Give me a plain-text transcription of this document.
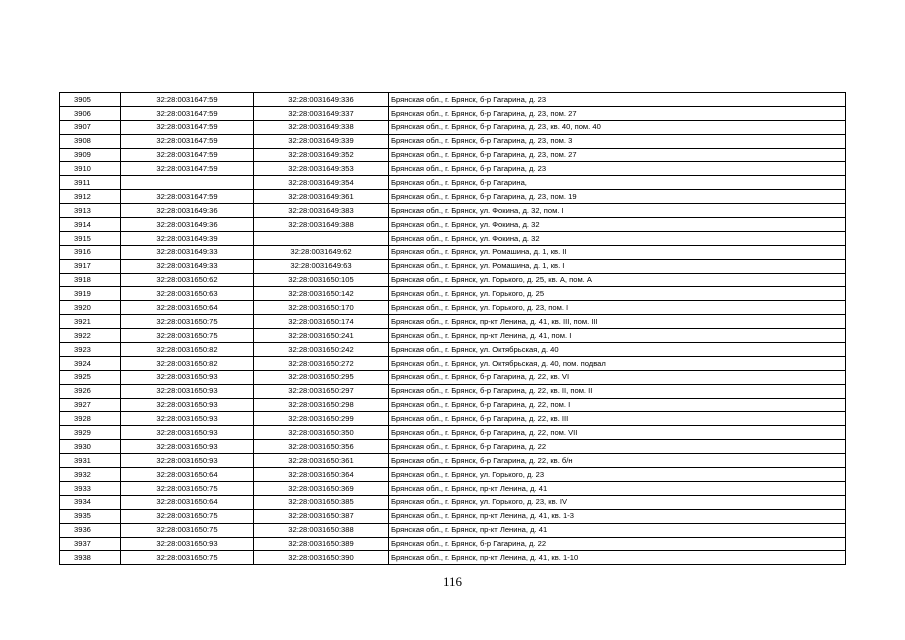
3905	32:28:0031647:59	32:28:0031649:336	Брянская обл., г. Брянск, б-р Гагарина, д. 23
3906	32:28:0031647:59	32:28:0031649:337	Брянская обл., г. Брянск, б-р Гагарина, д. 23, пом. 27
3907	32:28:0031647:59	32:28:0031649:338	Брянская обл., г. Брянск, б-р Гагарина, д. 23, кв. 40, пом. 40
3908	32:28:0031647:59	32:28:0031649:339	Брянская обл., г. Брянск, б-р Гагарина, д. 23, пом. 3
3909	32:28:0031647:59	32:28:0031649:352	Брянская обл., г. Брянск, б-р Гагарина, д. 23, пом. 27
3910	32:28:0031647:59	32:28:0031649:353	Брянская обл., г. Брянск, б-р Гагарина, д. 23
3911		32:28:0031649:354	Брянская обл., г. Брянск, б-р Гагарина,
3912	32:28:0031647:59	32:28:0031649:361	Брянская обл., г. Брянск, б-р Гагарина, д. 23, пом. 19
3913	32:28:0031649:36	32:28:0031649:383	Брянская обл., г. Брянск, ул. Фокина, д. 32, пом. I
3914	32:28:0031649:36	32:28:0031649:388	Брянская обл., г. Брянск, ул. Фокина, д. 32
3915	32:28:0031649:39		Брянская обл., г. Брянск, ул. Фокина, д. 32
3916	32:28:0031649:33	32:28:0031649:62	Брянская обл., г. Брянск, ул. Ромашина, д. 1, кв. II
3917	32:28:0031649:33	32:28:0031649:63	Брянская обл., г. Брянск, ул. Ромашина, д. 1, кв. I
3918	32:28:0031650:62	32:28:0031650:105	Брянская обл., г. Брянск, ул. Горького, д. 25, кв. А, пом. А
3919	32:28:0031650:63	32:28:0031650:142	Брянская обл., г. Брянск, ул. Горького, д. 25
3920	32:28:0031650:64	32:28:0031650:170	Брянская обл., г. Брянск, ул. Горького, д. 23, пом. I
3921	32:28:0031650:75	32:28:0031650:174	Брянская обл., г. Брянск, пр-кт Ленина, д. 41, кв. III, пом. III
3922	32:28:0031650:75	32:28:0031650:241	Брянская обл., г. Брянск, пр-кт Ленина, д. 41, пом. I
3923	32:28:0031650:82	32:28:0031650:242	Брянская обл., г. Брянск, ул. Октябрьская, д. 40
3924	32:28:0031650:82	32:28:0031650:272	Брянская обл., г. Брянск, ул. Октябрьская, д. 40, пом. подвал
3925	32:28:0031650:93	32:28:0031650:295	Брянская обл., г. Брянск, б-р Гагарина, д. 22, кв. VI
3926	32:28:0031650:93	32:28:0031650:297	Брянская обл., г. Брянск, б-р Гагарина, д. 22, кв. II, пом. II
3927	32:28:0031650:93	32:28:0031650:298	Брянская обл., г. Брянск, б-р Гагарина, д. 22, пом. I
3928	32:28:0031650:93	32:28:0031650:299	Брянская обл., г. Брянск, б-р Гагарина, д. 22, кв. III
3929	32:28:0031650:93	32:28:0031650:350	Брянская обл., г. Брянск, б-р Гагарина, д. 22, пом. VII
3930	32:28:0031650:93	32:28:0031650:356	Брянская обл., г. Брянск, б-р Гагарина, д. 22
3931	32:28:0031650:93	32:28:0031650:361	Брянская обл., г. Брянск, б-р Гагарина, д. 22, кв. б/н
3932	32:28:0031650:64	32:28:0031650:364	Брянская обл., г. Брянск, ул. Горького, д. 23
3933	32:28:0031650:75	32:28:0031650:369	Брянская обл., г. Брянск, пр-кт Ленина, д. 41
3934	32:28:0031650:64	32:28:0031650:385	Брянская обл., г. Брянск, ул. Горького, д. 23, кв. IV
3935	32:28:0031650:75	32:28:0031650:387	Брянская обл., г. Брянск, пр-кт Ленина, д. 41, кв. 1-3
3936	32:28:0031650:75	32:28:0031650:388	Брянская обл., г. Брянск, пр-кт Ленина, д. 41
3937	32:28:0031650:93	32:28:0031650:389	Брянская обл., г. Брянск, б-р Гагарина, д. 22
3938	32:28:0031650:75	32:28:0031650:390	Брянская обл., г. Брянск, пр-кт Ленина, д. 41, кв. 1-10
116
